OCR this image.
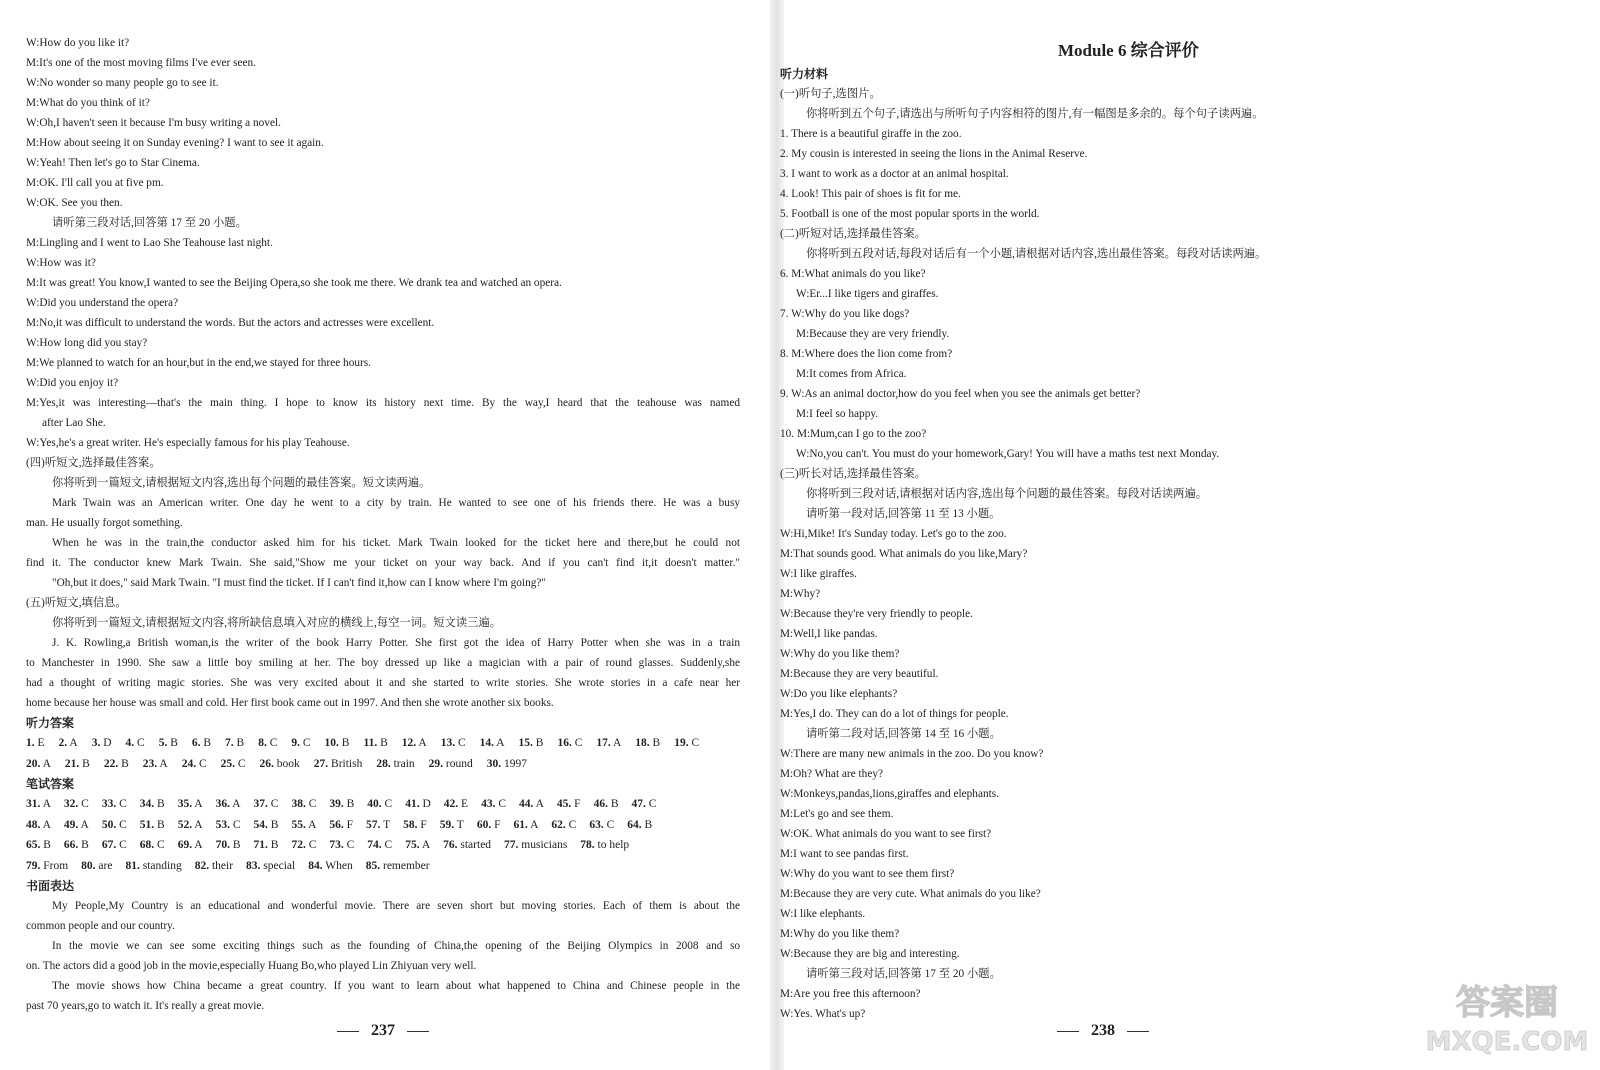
W:How do you like it?
M:It's one of the most moving films I've ever seen.
W:No wonder so many people go to see it.
M:What do you think of it?
W:Oh,I haven't seen it because I'm busy writing a novel.
M:How about seeing it on Sunday evening? I want to see it again.
W:Yeah! Then let's go to Star Cinema.
M:OK. I'll call you at five pm.
W:OK. See you then.
请听第三段对话,回答第 17 至 20 小题。
M:Lingling and I went to Lao She Teahouse last night.
W:How was it?
M:It was great! You know,I wanted to see the Beijing Opera,so she took me there. We drank tea and watched an opera.
W:Did you understand the opera?
M:No,it was difficult to understand the words. But the actors and actresses were excellent.
W:How long did you stay?
M:We planned to watch for an hour,but in the end,we stayed for three hours.
W:Did you enjoy it?
M:Yes,it was interesting—that's the main thing. I hope to know its history next time. By the way,I heard that the teahouse was named
after Lao She.
W:Yes,he's a great writer. He's especially famous for his play Teahouse.
(四)听短文,选择最佳答案。
你将听到一篇短文,请根据短文内容,选出每个问题的最佳答案。短文读两遍。
Mark Twain was an American writer. One day he went to a city by train. He wanted to see one of his friends there. He was a busy
man. He usually forgot something.
When he was in the train,the conductor asked him for his ticket. Mark Twain looked for the ticket here and there,but he could not
find it. The conductor knew Mark Twain. She said,"Show me your ticket on your way back. And if you can't find it,it doesn't matter."
"Oh,but it does," said Mark Twain. "I must find the ticket. If I can't find it,how can I know where I'm going?"
(五)听短文,填信息。
你将听到一篇短文,请根据短文内容,将所缺信息填入对应的横线上,每空一词。短文读三遍。
J. K. Rowling,a British woman,is the writer of the book Harry Potter. She first got the idea of Harry Potter when she was in a train
to Manchester in 1990. She saw a little boy smiling at her. The boy dressed up like a magician with a pair of round glasses. Suddenly,she
had a thought of writing magic stories. She was very excited about it and she started to write stories. She wrote stories in a cafe near her
home because her house was small and cold. Her first book came out in 1997. And then she wrote another six books.
听力答案
1. E 2. A 3. D 4. C 5. B 6. B 7. B 8. C 9. C 10. B 11. B 12. A 13. C 14. A 15. B 16. C 17. A 18. B 19. C
20. A 21. B 22. B 23. A 24. C 25. C 26. book 27. British 28. train 29. round 30. 1997
笔试答案
31. A 32. C 33. C 34. B 35. A 36. A 37. C 38. C 39. B 40. C 41. D 42. E 43. C 44. A 45. F 46. B 47. C
48. A 49. A 50. C 51. B 52. A 53. C 54. B 55. A 56. F 57. T 58. F 59. T 60. F 61. A 62. C 63. C 64. B
65. B 66. B 67. C 68. C 69. A 70. B 71. B 72. C 73. C 74. C 75. A 76. started 77. musicians 78. to help
79. From 80. are 81. standing 82. their 83. special 84. When 85. remember
书面表达
My People,My Country is an educational and wonderful movie. There are seven short but moving stories. Each of them is about the
common people and our country.
In the movie we can see some exciting things such as the founding of China,the opening of the Beijing Olympics in 2008 and so
on. The actors did a good job in the movie,especially Huang Bo,who played Lin Zhiyuan very well.
The movie shows how China became a great country. If you want to learn about what happened to China and Chinese people in the
past 70 years,go to watch it. It's really a great movie.
237
Module 6 综合评价
听力材料
(一)听句子,选图片。
你将听到五个句子,请选出与所听句子内容相符的图片,有一幅图是多余的。每个句子读两遍。
1. There is a beautiful giraffe in the zoo.
2. My cousin is interested in seeing the lions in the Animal Reserve.
3. I want to work as a doctor at an animal hospital.
4. Look! This pair of shoes is fit for me.
5. Football is one of the most popular sports in the world.
(二)听短对话,选择最佳答案。
你将听到五段对话,每段对话后有一个小题,请根据对话内容,选出最佳答案。每段对话读两遍。
6. M:What animals do you like?
W:Er...I like tigers and giraffes.
7. W:Why do you like dogs?
M:Because they are very friendly.
8. M:Where does the lion come from?
M:It comes from Africa.
9. W:As an animal doctor,how do you feel when you see the animals get better?
M:I feel so happy.
10. M:Mum,can I go to the zoo?
W:No,you can't. You must do your homework,Gary! You will have a maths test next Monday.
(三)听长对话,选择最佳答案。
你将听到三段对话,请根据对话内容,选出每个问题的最佳答案。每段对话读两遍。
请听第一段对话,回答第 11 至 13 小题。
W:Hi,Mike! It's Sunday today. Let's go to the zoo.
M:That sounds good. What animals do you like,Mary?
W:I like giraffes.
M:Why?
W:Because they're very friendly to people.
M:Well,I like pandas.
W:Why do you like them?
M:Because they are very beautiful.
W:Do you like elephants?
M:Yes,I do. They can do a lot of things for people.
请听第二段对话,回答第 14 至 16 小题。
W:There are many new animals in the zoo. Do you know?
M:Oh? What are they?
W:Monkeys,pandas,lions,giraffes and elephants.
M:Let's go and see them.
W:OK. What animals do you want to see first?
M:I want to see pandas first.
W:Why do you want to see them first?
M:Because they are very cute. What animals do you like?
W:I like elephants.
M:Why do you like them?
W:Because they are big and interesting.
请听第三段对话,回答第 17 至 20 小题。
M:Are you free this afternoon?
W:Yes. What's up?
238
答案圈
MXQE.COM
